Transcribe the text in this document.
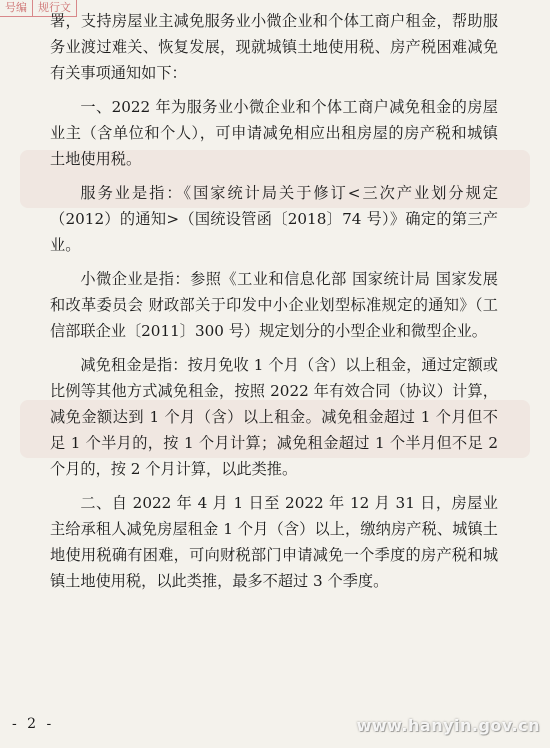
号编	规行文

署，支持房屋业主减免服务业小微企业和个体工商户租金，帮助服务业渡过难关、恢复发展，现就城镇土地使用税、房产税困难减免有关事项通知如下：

一、2022 年为服务业小微企业和个体工商户减免租金的房屋业主（含单位和个人），可申请减免相应出租房屋的房产税和城镇土地使用税。

服务业是指：《国家统计局关于修订<三次产业划分规定（2012）的通知>（国统设管函〔2018〕74 号）》确定的第三产业。

小微企业是指：参照《工业和信息化部 国家统计局 国家发展和改革委员会 财政部关于印发中小企业划型标准规定的通知》（工信部联企业〔2011〕300 号）规定划分的小型企业和微型企业。

减免租金是指：按月免收 1 个月（含）以上租金，通过定额或比例等其他方式减免租金，按照 2022 年有效合同（协议）计算，减免金额达到 1 个月（含）以上租金。减免租金超过 1 个月但不足 1 个半月的，按 1 个月计算；减免租金超过 1 个半月但不足 2 个月的，按 2 个月计算，以此类推。

二、自 2022 年 4 月 1 日至 2022 年 12 月 31 日，房屋业主给承租人减免房屋租金 1 个月（含）以上，缴纳房产税、城镇土地使用税确有困难，可向财税部门申请减免一个季度的房产税和城镇土地使用税，以此类推，最多不超过 3 个季度。

- 2 -	www.hanyin.gov.cn
